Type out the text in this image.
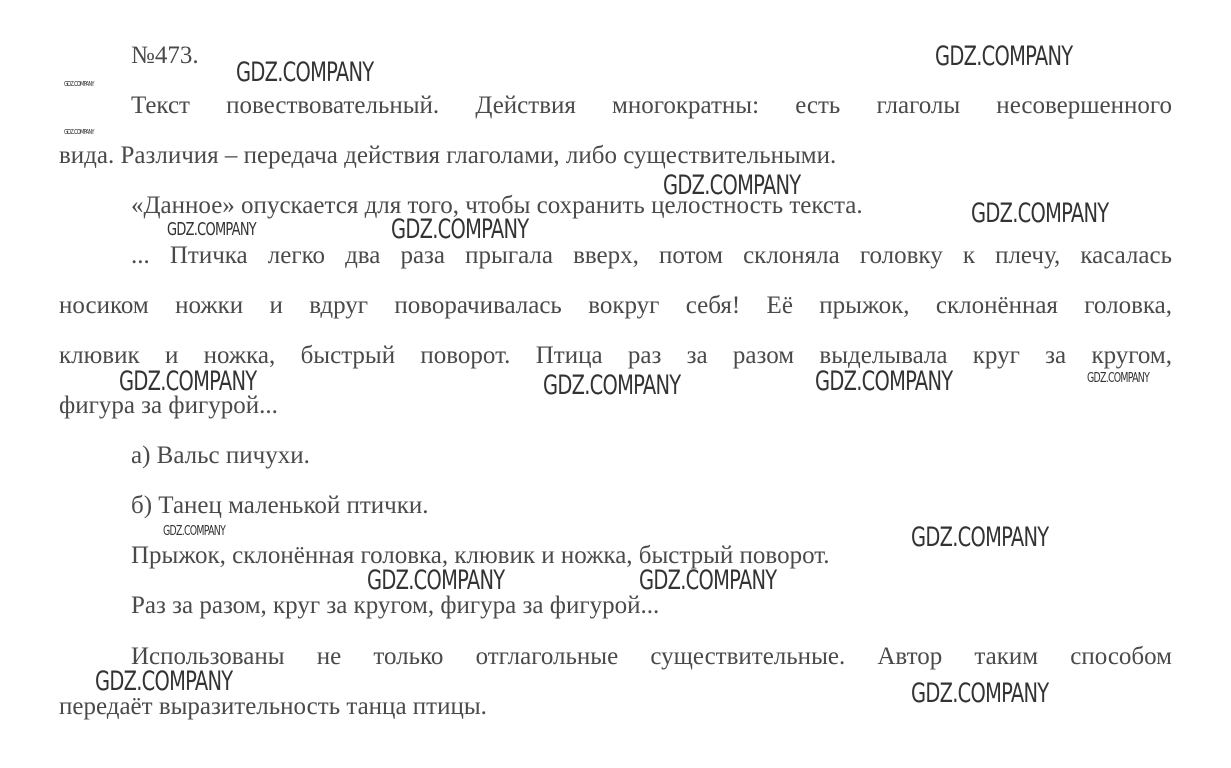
№473.
Текст повествовательный. Действия многократны: есть глаголы несовершенного
вида. Различия – передача действия глаголами, либо существительными.
«Данное» опускается для того, чтобы сохранить целостность текста.
... Птичка легко два раза прыгала вверх, потом склоняла головку к плечу, касалась
носиком ножки и вдруг поворачивалась вокруг себя! Её прыжок, склонённая головка,
клювик и ножка, быстрый поворот. Птица раз за разом выделывала круг за кругом,
фигура за фигурой...
а) Вальс пичухи.
б) Танец маленькой птички.
Прыжок, склонённая головка, клювик и ножка, быстрый поворот.
Раз за разом, круг за кругом, фигура за фигурой...
Использованы не только отглагольные существительные. Автор таким способом
передаёт выразительность танца птицы.
GDZ.COMPANY
GDZ.COMPANY
GDZ.COMPANY
GDZ.COMPANY
GDZ.COMPANY
GDZ.COMPANY
GDZ.COMPANY	GDZ.COMPANY
GDZ.COMPANY	GDZ.COMPANY	GDZ.COMPANY	GDZ.COMPANY
GDZ.COMPANY	GDZ.COMPANY
GDZ.COMPANY	GDZ.COMPANY
GDZ.COMPANY	GDZ.COMPANY
